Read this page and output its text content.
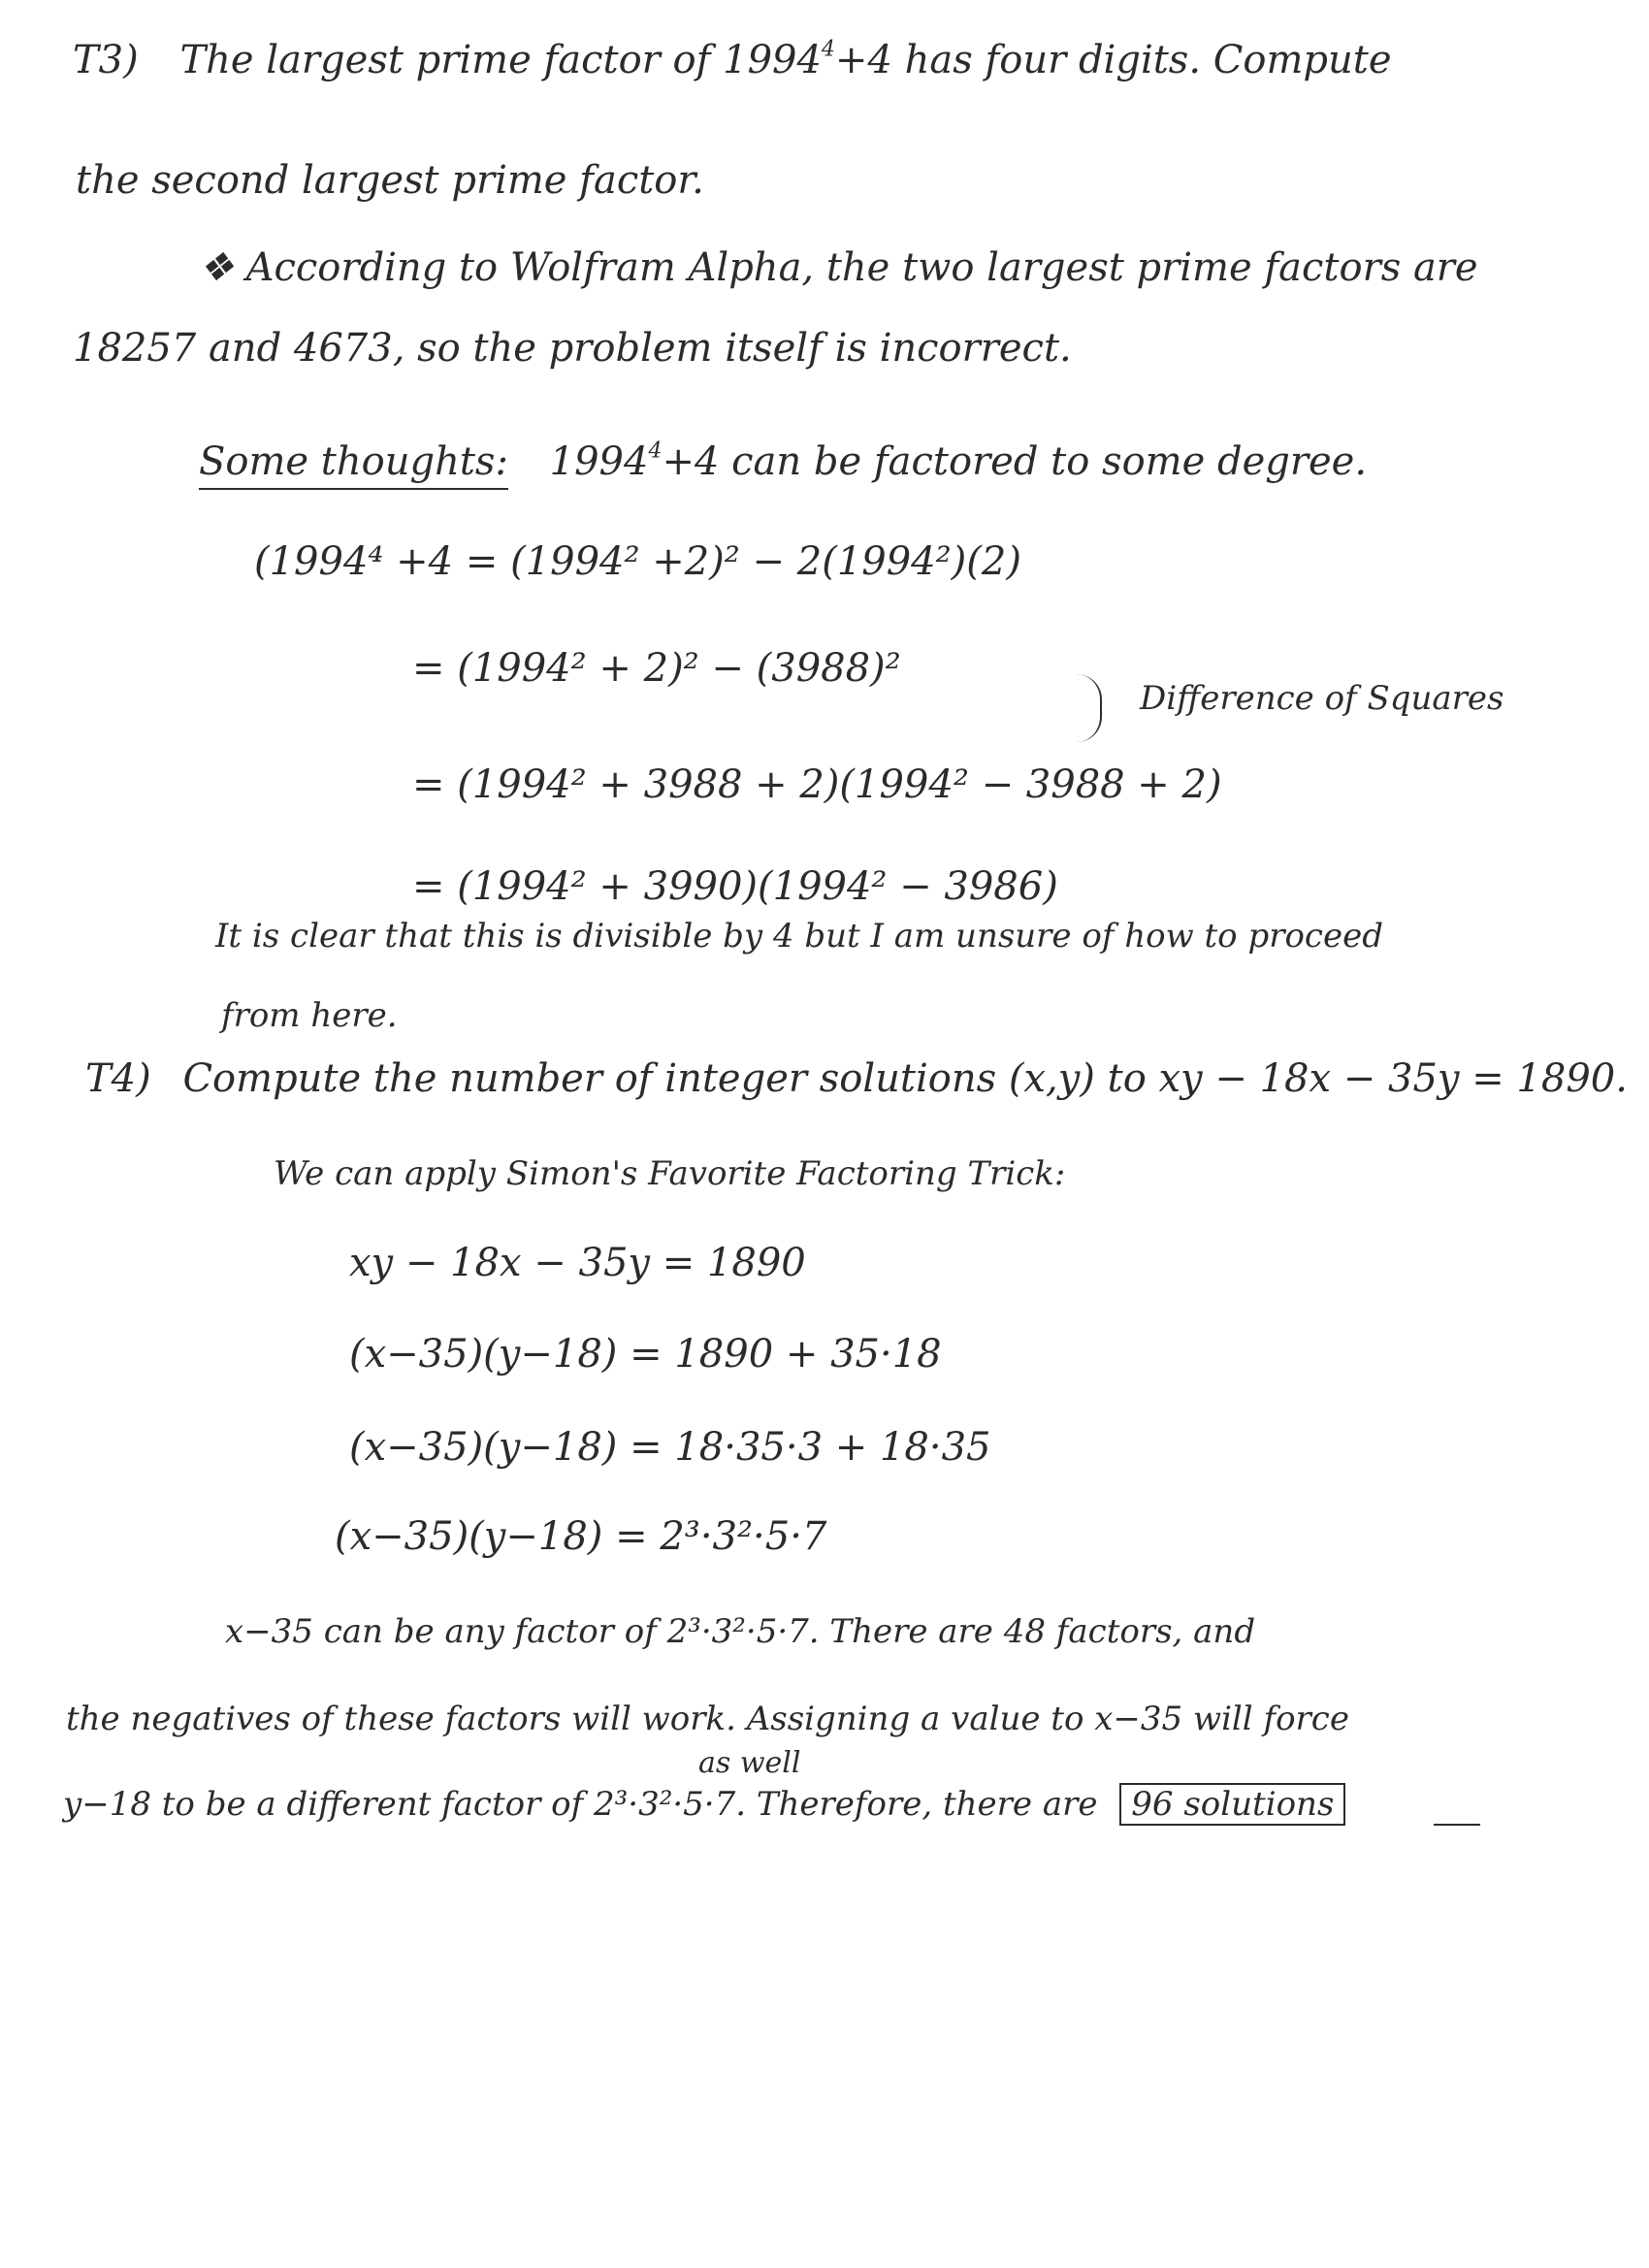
T3) The largest prime factor of $1994^4+4$ has four digits. Compute
the second largest prime factor.
❖ According to Wolfram Alpha, the two largest prime factors are
18257 and 4673, so the problem itself is incorrect.
Some thoughts: $1994^4+4$ can be factored to some degree.
(1994⁴ +4 = (1994² +2)² − 2(1994²)(2)
= (1994² + 2)² − (3988)²
Difference of Squares
= (1994² + 3988 + 2)(1994² − 3988 + 2)
= (1994² + 3990)(1994² − 3986)
It is clear that this is divisible by 4 but I am unsure of how to proceed
from here.
T4) Compute the number of integer solutions (x,y) to xy − 18x − 35y = 1890.
We can apply Simon's Favorite Factoring Trick:
xy − 18x − 35y = 1890
(x−35)(y−18) = 1890 + 35·18
(x−35)(y−18) = 18·35·3 + 18·35
(x−35)(y−18) = 2³·3²·5·7
x−35 can be any factor of 2³·3²·5·7. There are 48 factors, and
the negatives of these factors will work. Assigning a value to x−35 will force
as well
y−18 to be a different factor of 2³·3²·5·7. Therefore, there are 96 solutions
